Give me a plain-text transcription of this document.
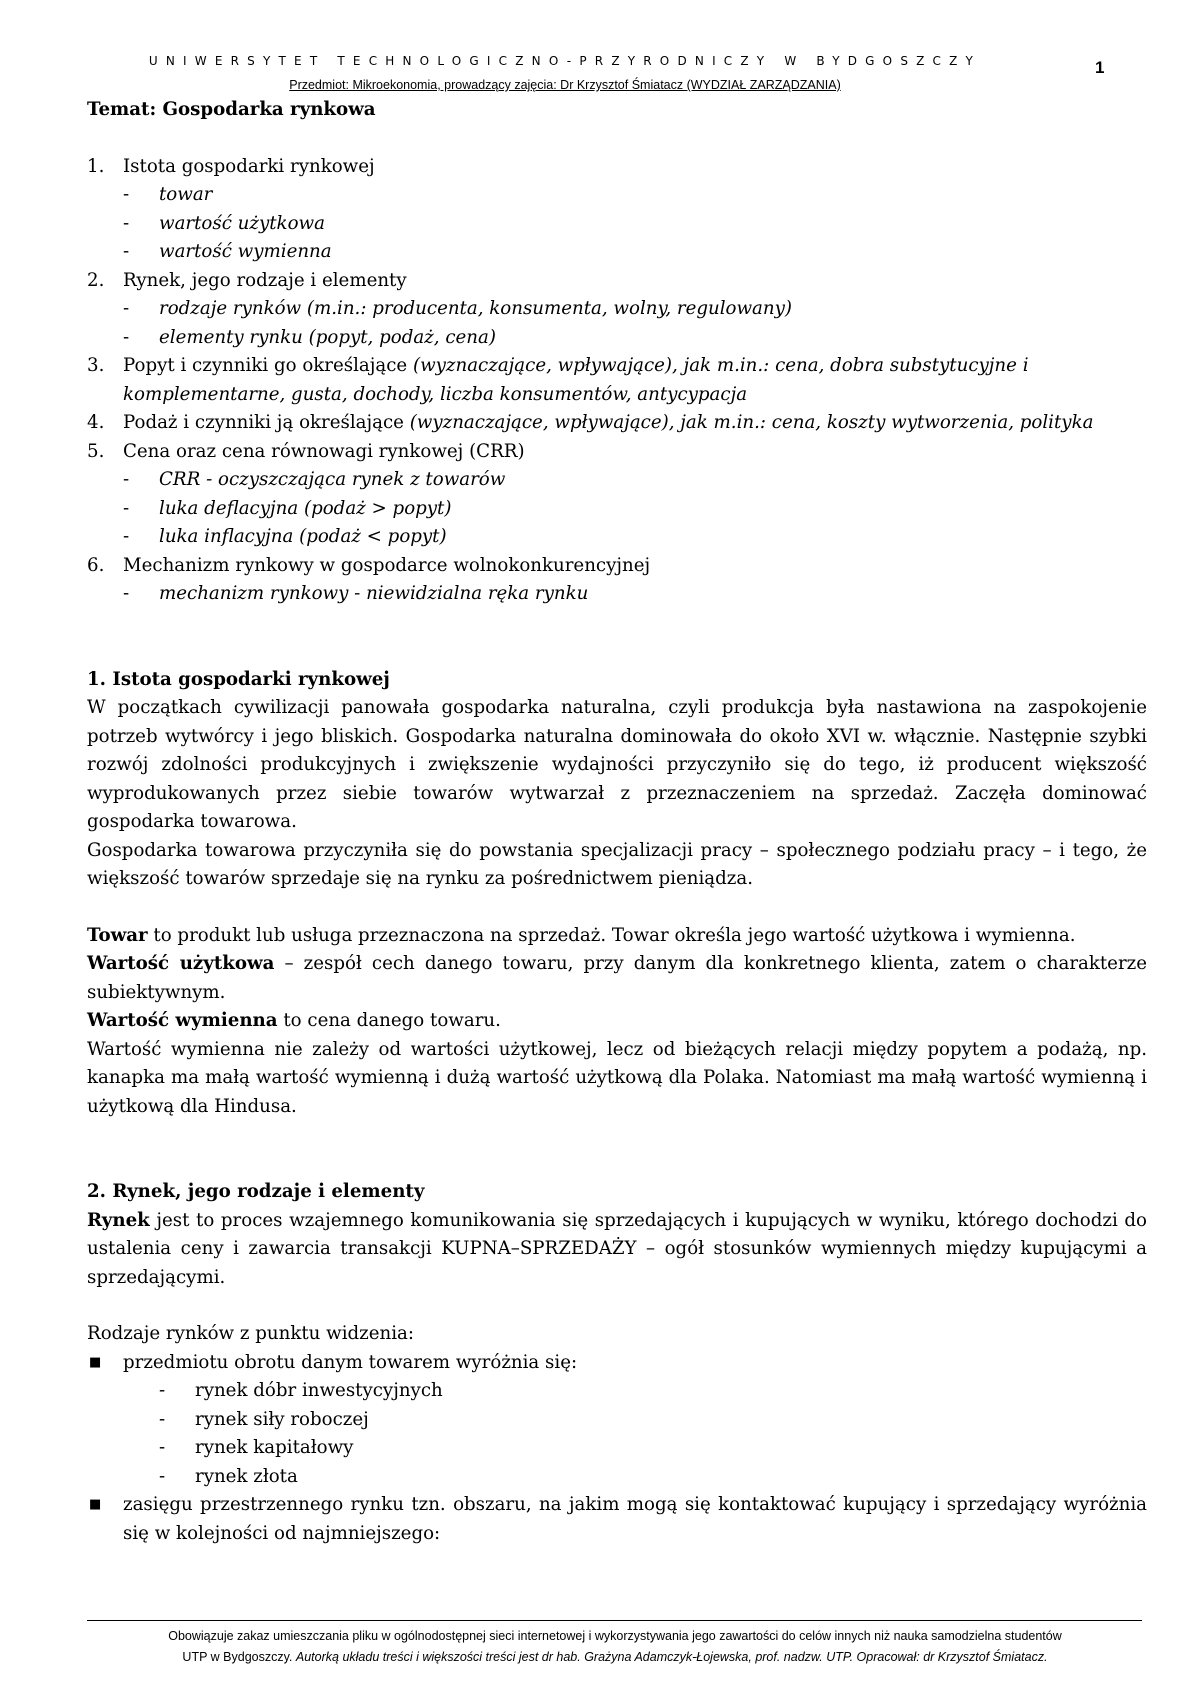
UNIWERSYTET TECHNOLOGICZNO-PRZYRODNICZY W BYDGOSZCZY
Przedmiot: Mikroekonomia, prowadzący zajęcia: Dr Krzysztof Śmiatacz (WYDZIAŁ ZARZĄDZANIA)
1
Temat: Gospodarka rynkowa
1. Istota gospodarki rynkowej
- towar
- wartość użytkowa
- wartość wymienna
2. Rynek, jego rodzaje i elementy
- rodzaje rynków (m.in.: producenta, konsumenta, wolny, regulowany)
- elementy rynku (popyt, podaż, cena)
3. Popyt i czynniki go określające (wyznaczające, wpływające), jak m.in.: cena, dobra substytucyjne i komplementarne, gusta, dochody, liczba konsumentów, antycypacja
4. Podaż i czynniki ją określające (wyznaczające, wpływające), jak m.in.: cena, koszty wytworzenia, polityka
5. Cena oraz cena równowagi rynkowej (CRR)
- CRR - oczyszczająca rynek z towarów
- luka deflacyjna (podaż > popyt)
- luka inflacyjna (podaż < popyt)
6. Mechanizm rynkowy w gospodarce wolnokonkurencyjnej
- mechanizm rynkowy - niewidzialna ręka rynku
1. Istota gospodarki rynkowej

W początkach cywilizacji panowała gospodarka naturalna, czyli produkcja była nastawiona na zaspokojenie potrzeb wytwórcy i jego bliskich. Gospodarka naturalna dominowała do około XVI w. włącznie. Następnie szybki rozwój zdolności produkcyjnych i zwiększenie wydajności przyczyniło się do tego, iż producent większość wyprodukowanych przez siebie towarów wytwarzał z przeznaczeniem na sprzedaż. Zaczęła dominować gospodarka towarowa.

Gospodarka towarowa przyczyniła się do powstania specjalizacji pracy – społecznego podziału pracy – i tego, że większość towarów sprzedaje się na rynku za pośrednictwem pieniądza.

Towar to produkt lub usługa przeznaczona na sprzedaż. Towar określa jego wartość użytkowa i wymienna.

Wartość użytkowa – zespół cech danego towaru, przy danym dla konkretnego klienta, zatem o charakterze subiektywnym.

Wartość wymienna to cena danego towaru.

Wartość wymienna nie zależy od wartości użytkowej, lecz od bieżących relacji między popytem a podażą, np. kanapka ma małą wartość wymienną i dużą wartość użytkową dla Polaka. Natomiast ma małą wartość wymienną i użytkową dla Hindusa.

2. Rynek, jego rodzaje i elementy

Rynek jest to proces wzajemnego komunikowania się sprzedających i kupujących w wyniku, którego dochodzi do ustalenia ceny i zawarcia transakcji KUPNA–SPRZEDAŻY – ogół stosunków wymiennych między kupującymi a sprzedającymi.

Rodzaje rynków z punktu widzenia:

■ przedmiotu obrotu danym towarem wyróżnia się:
- rynek dóbr inwestycyjnych
- rynek siły roboczej
- rynek kapitałowy
- rynek złota
■ zasięgu przestrzennego rynku tzn. obszaru, na jakim mogą się kontaktować kupujący i sprzedający wyróżnia się w kolejności od najmniejszego:
Obowiązuje zakaz umieszczania pliku w ogólnodostępnej sieci internetowej i wykorzystywania jego zawartości do celów innych niż nauka samodzielna studentów
UTP w Bydgoszczy. Autorką układu treści i większości treści jest dr hab. Grażyna Adamczyk-Łojewska, prof. nadzw. UTP. Opracował: dr Krzysztof Śmiatacz.
